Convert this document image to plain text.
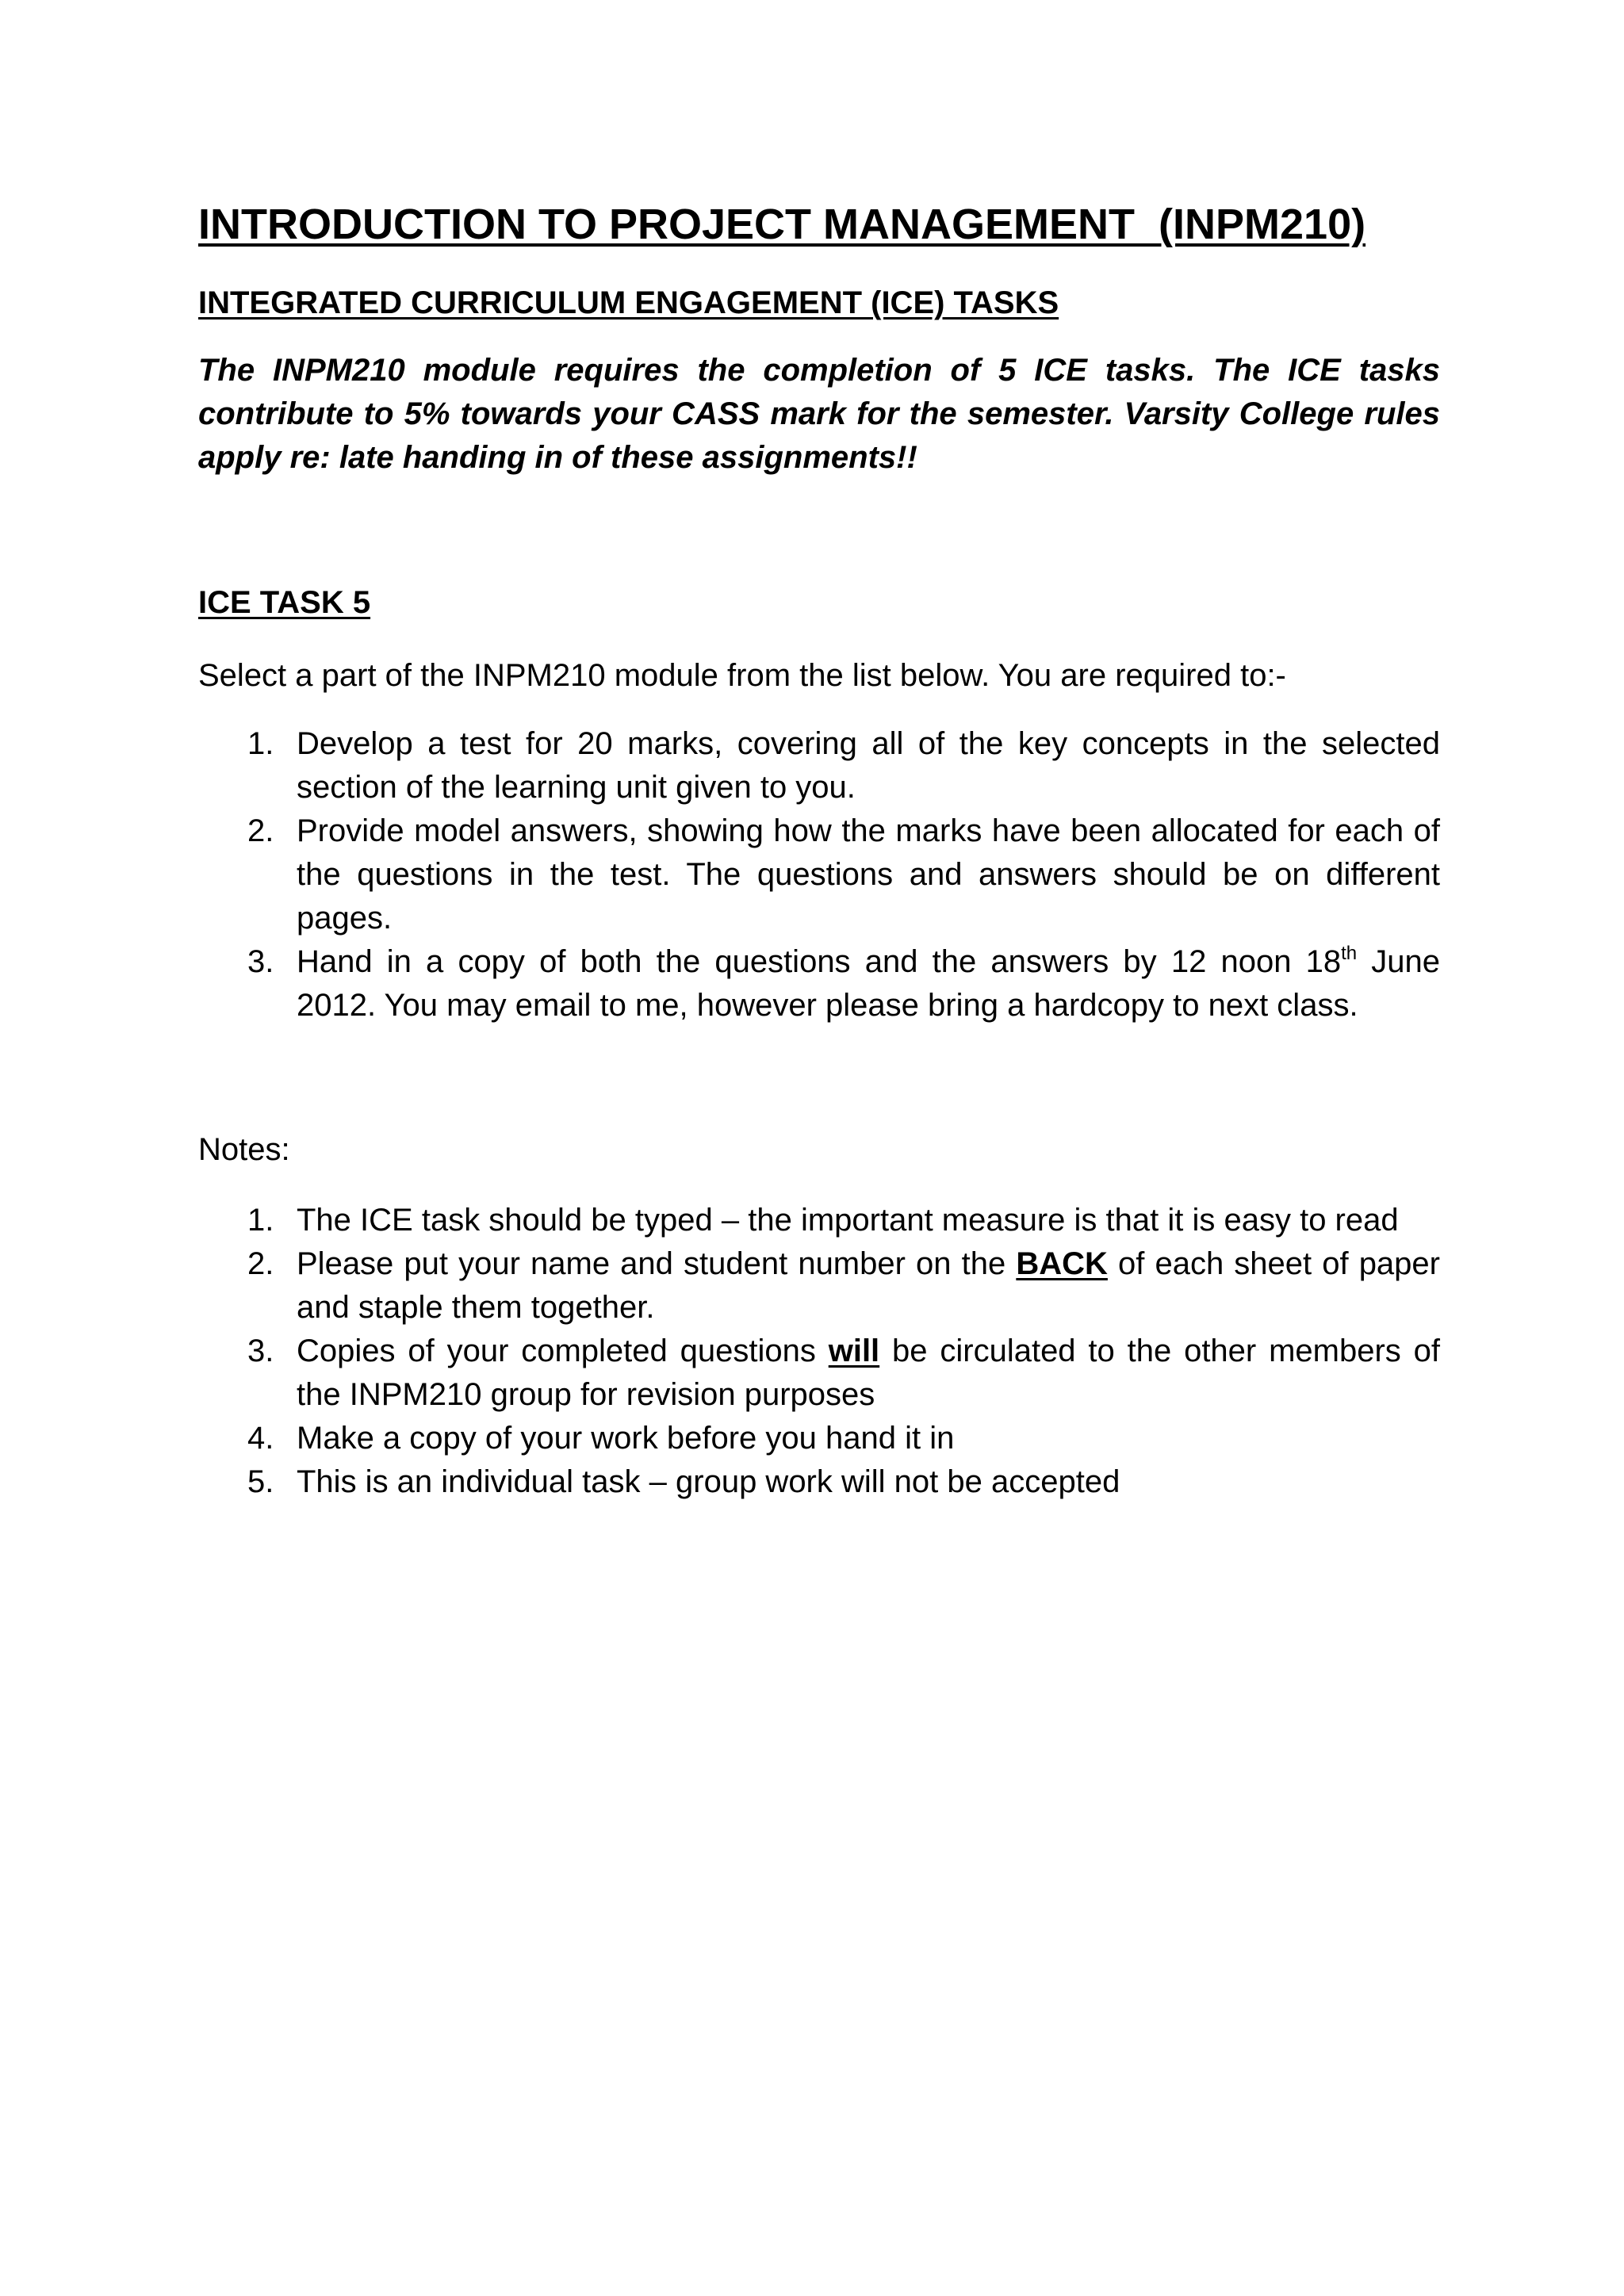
INTRODUCTION TO PROJECT MANAGEMENT  (INPM210)
INTEGRATED CURRICULUM ENGAGEMENT (ICE) TASKS

The INPM210 module requires the completion of 5 ICE tasks. The ICE tasks contribute to 5% towards your CASS mark for the semester. Varsity College rules apply re: late handing in of these assignments!!

ICE TASK 5

Select a part of the INPM210 module from the list below. You are required to:-

1. Develop a test for 20 marks, covering all of the key concepts in the selected section of the learning unit given to you.
2. Provide model answers, showing how the marks have been allocated for each of the questions in the test. The questions and answers should be on different pages.
3. Hand in a copy of both the questions and the answers by 12 noon 18th June 2012. You may email to me, however please bring a hardcopy to next class.

Notes:

1. The ICE task should be typed – the important measure is that it is easy to read
2. Please put your name and student number on the BACK of each sheet of paper and staple them together.
3. Copies of your completed questions will be circulated to the other members of the INPM210 group for revision purposes
4. Make a copy of your work before you hand it in
5. This is an individual task – group work will not be accepted
